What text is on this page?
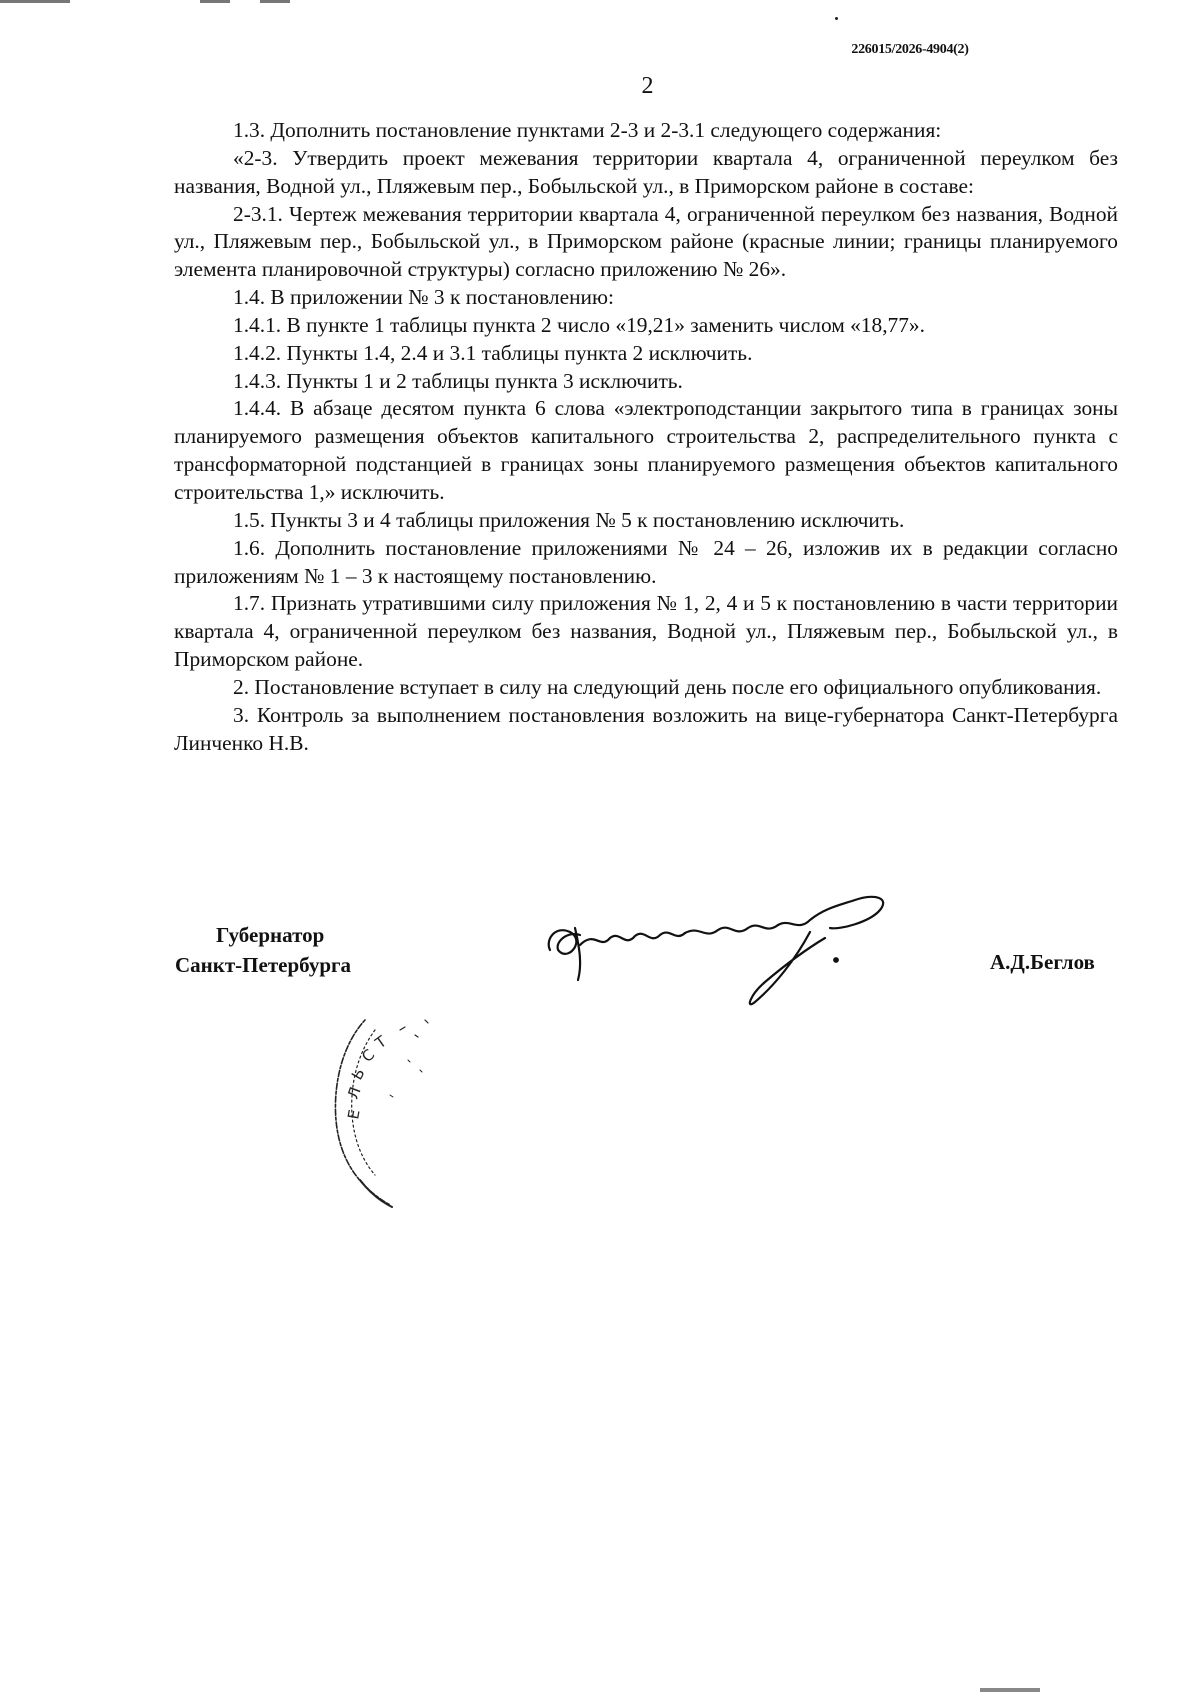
226015/2026-4904(2)
2

1.3. Дополнить постановление пунктами 2-3 и 2-3.1 следующего содержания:

«2-3. Утвердить проект межевания территории квартала 4, ограниченной переулком без названия, Водной ул., Пляжевым пер., Бобыльской ул., в Приморском районе в составе:

2-3.1. Чертеж межевания территории квартала 4, ограниченной переулком без названия, Водной ул., Пляжевым пер., Бобыльской ул., в Приморском районе (красные линии; границы планируемого элемента планировочной структуры) согласно приложению № 26».

1.4. В приложении № 3 к постановлению:

1.4.1. В пункте 1 таблицы пункта 2 число «19,21» заменить числом «18,77».

1.4.2. Пункты 1.4, 2.4 и 3.1 таблицы пункта 2 исключить.

1.4.3. Пункты 1 и 2 таблицы пункта 3 исключить.

1.4.4. В абзаце десятом пункта 6 слова «электроподстанции закрытого типа в границах зоны планируемого размещения объектов капитального строительства 2, распределительного пункта с трансформаторной подстанцией в границах зоны планируемого размещения объектов капитального строительства 1,» исключить.

1.5. Пункты 3 и 4 таблицы приложения № 5 к постановлению исключить.

1.6. Дополнить постановление приложениями № 24 – 26, изложив их в редакции согласно приложениям № 1 – 3 к настоящему постановлению.

1.7. Признать утратившими силу приложения № 1, 2, 4 и 5 к постановлению в части территории квартала 4, ограниченной переулком без названия, Водной ул., Пляжевым пер., Бобыльской ул., в Приморском районе.

2. Постановление вступает в силу на следующий день после его официального опубликования.

3. Контроль за выполнением постановления возложить на вице-губернатора Санкт-Петербурга Линченко Н.В.

Губернатор
Санкт-Петербурга	А.Д.Беглов
Е
Л
Ь
С
Т
